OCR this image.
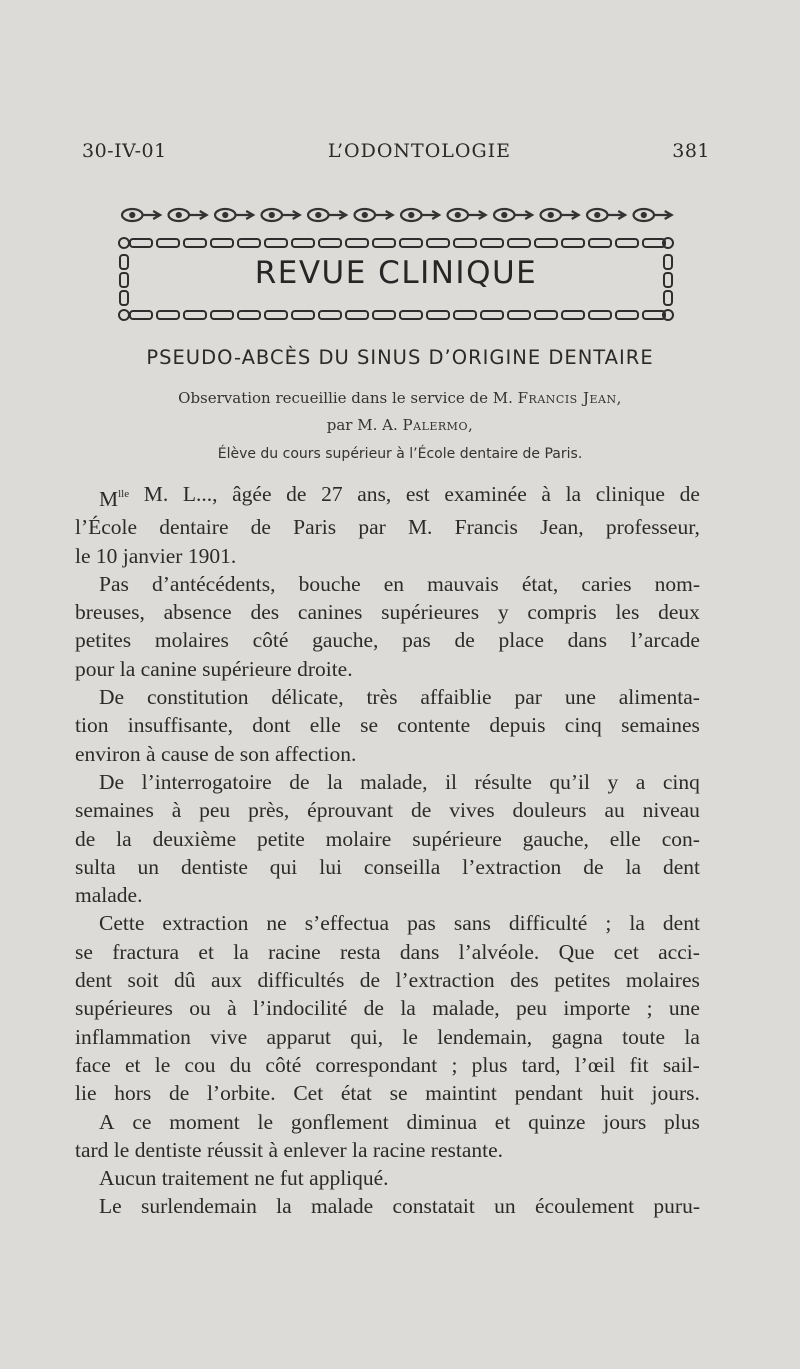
30-IV-01	L’ODONTOLOGIE	381
REVUE CLINIQUE
PSEUDO-ABCÈS DU SINUS D’ORIGINE DENTAIRE
Observation recueillie dans le service de M. Francis Jean,
par M. A. Palermo,
Élève du cours supérieur à l’École dentaire de Paris.
$M^{lle}$ M. L..., âgée de 27 ans, est examinée à la clinique de
l’École dentaire de Paris par M. Francis Jean, professeur,
le 10 janvier 1901.
Pas d’antécédents, bouche en mauvais état, caries nom-
breuses, absence des canines supérieures y compris les deux
petites molaires côté gauche, pas de place dans l’arcade
pour la canine supérieure droite.
De constitution délicate, très affaiblie par une alimenta-
tion insuffisante, dont elle se contente depuis cinq semaines
environ à cause de son affection.
De l’interrogatoire de la malade, il résulte qu’il y a cinq
semaines à peu près, éprouvant de vives douleurs au niveau
de la deuxième petite molaire supérieure gauche, elle con-
sulta un dentiste qui lui conseilla l’extraction de la dent
malade.
Cette extraction ne s’effectua pas sans difficulté ; la dent
se fractura et la racine resta dans l’alvéole. Que cet acci-
dent soit dû aux difficultés de l’extraction des petites molaires
supérieures ou à l’indocilité de la malade, peu importe ; une
inflammation vive apparut qui, le lendemain, gagna toute la
face et le cou du côté correspondant ; plus tard, l’œil fit sail-
lie hors de l’orbite. Cet état se maintint pendant huit jours.
A ce moment le gonflement diminua et quinze jours plus
tard le dentiste réussit à enlever la racine restante.
Aucun traitement ne fut appliqué.
Le surlendemain la malade constatait un écoulement puru-
